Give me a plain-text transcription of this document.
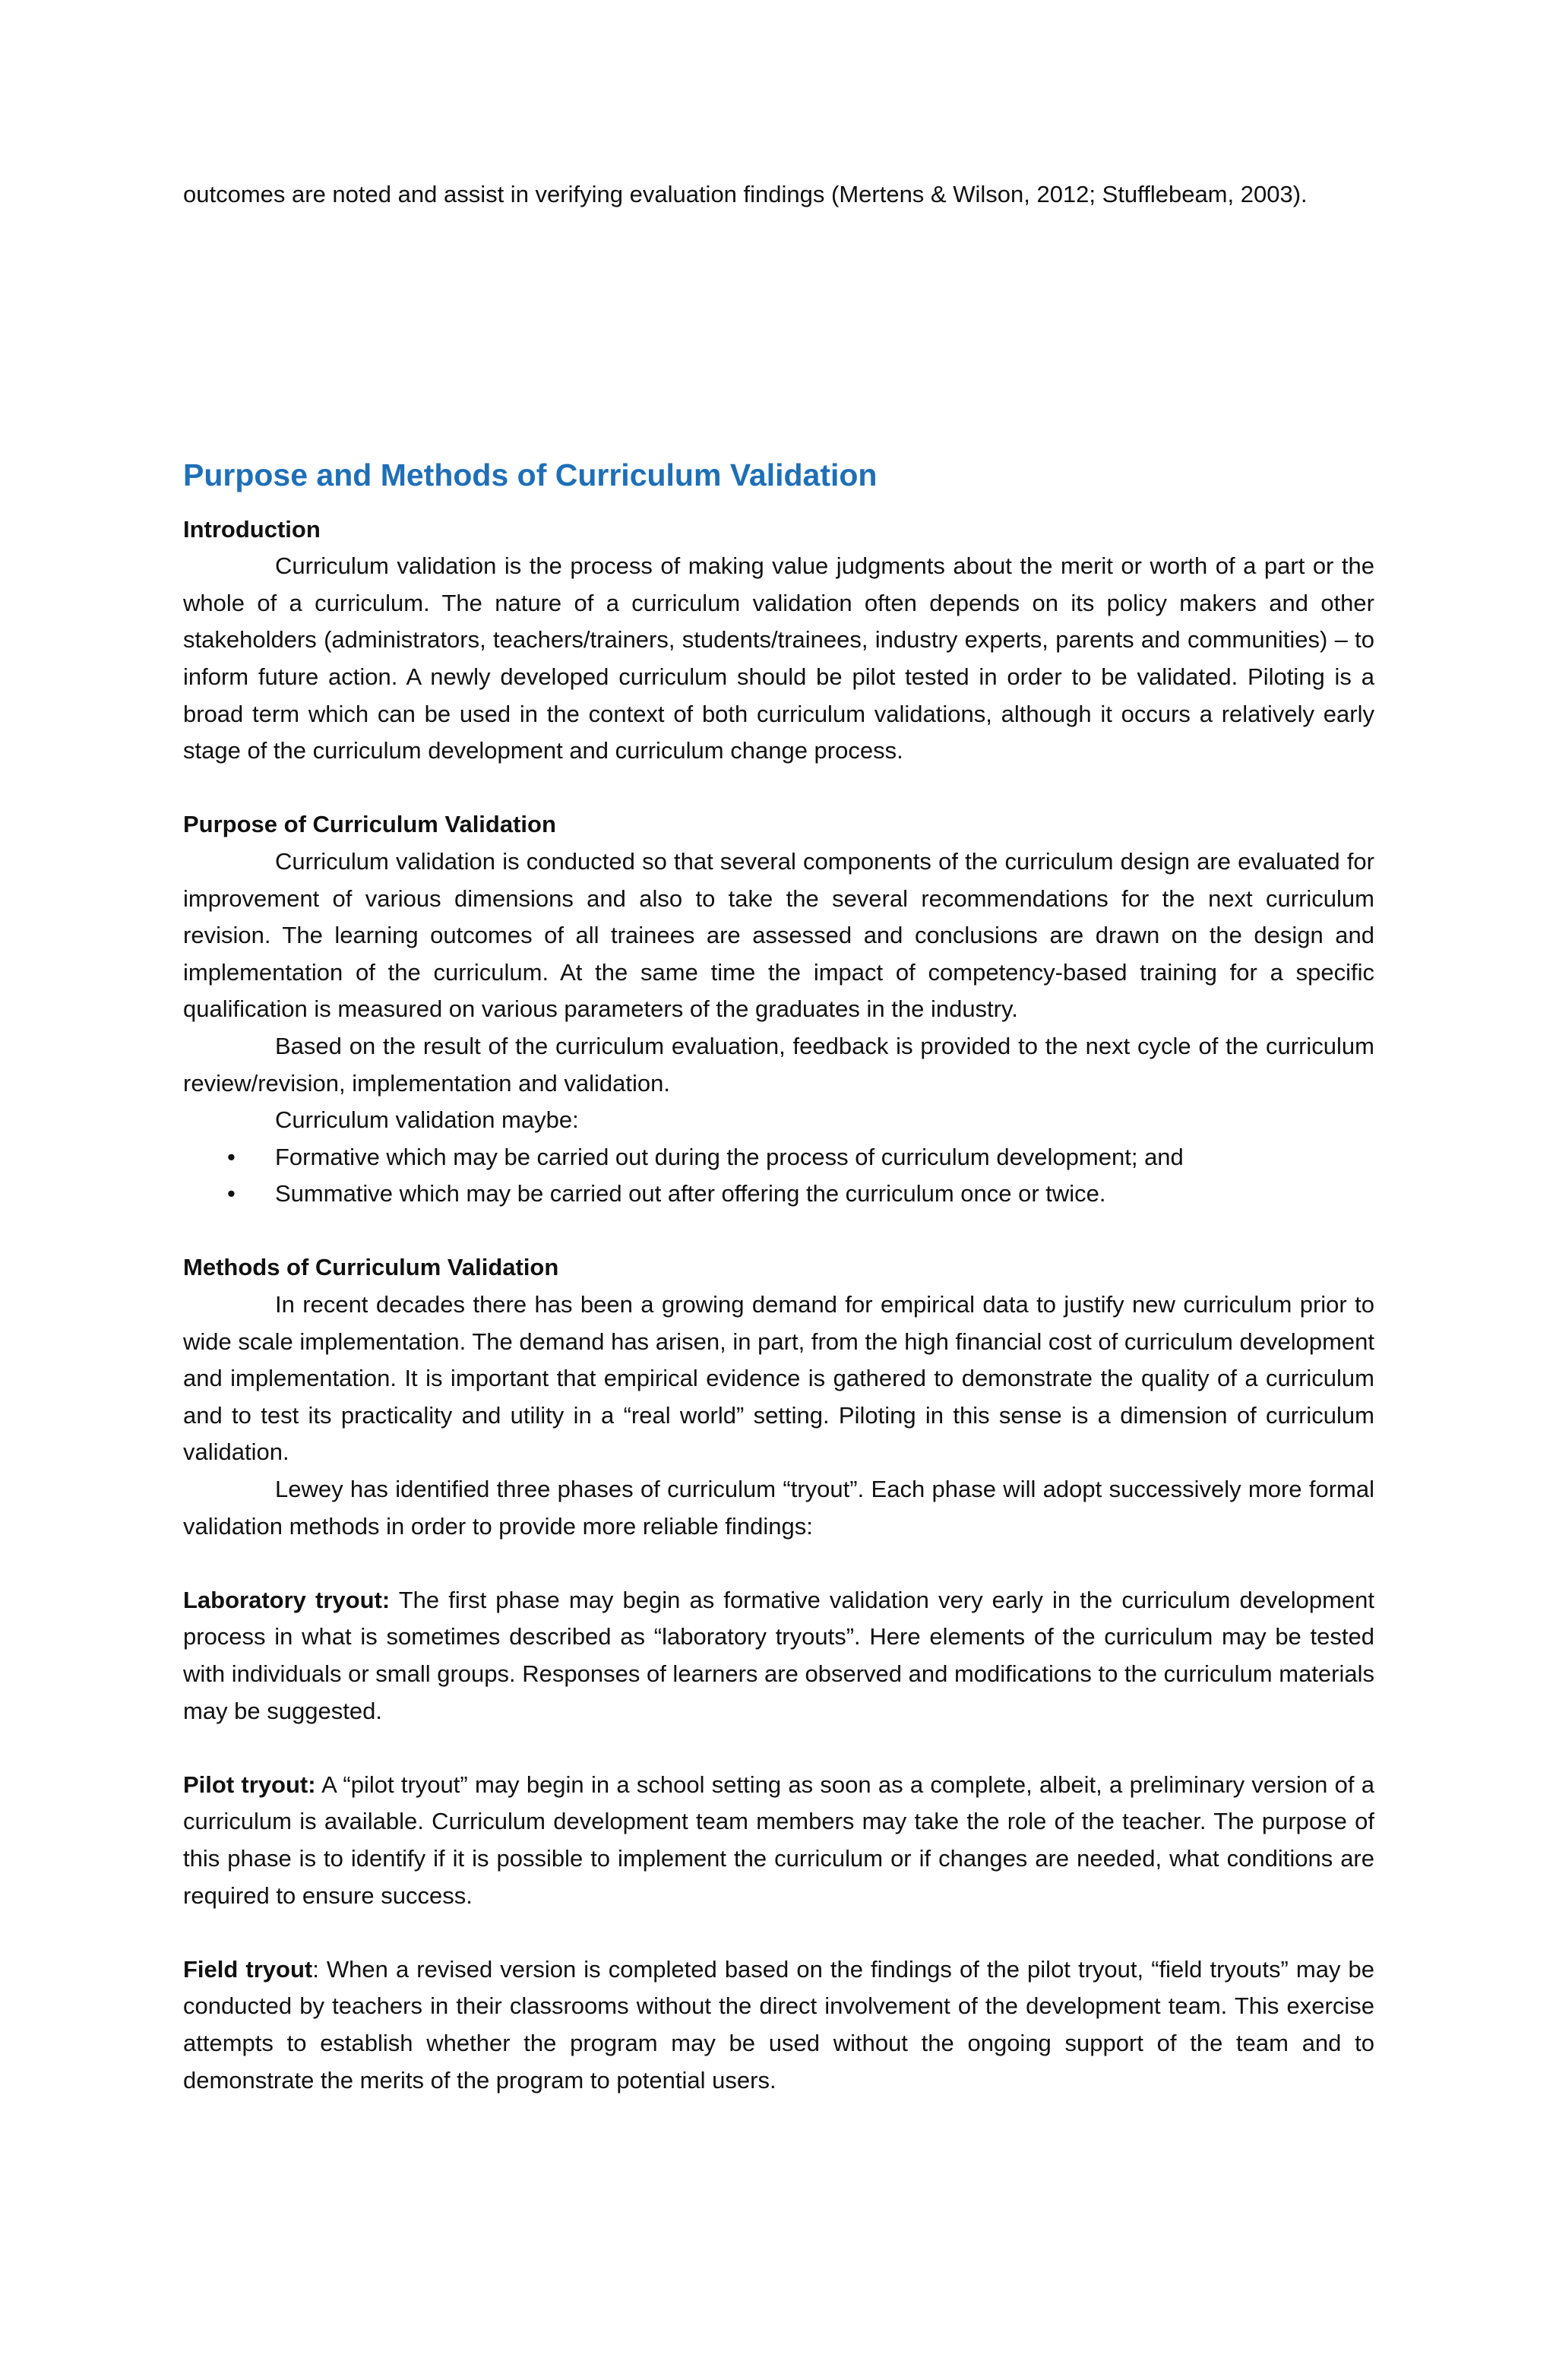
outcomes are noted and assist in verifying evaluation findings (Mertens & Wilson, 2012; Stufflebeam, 2003).

Purpose and Methods of Curriculum Validation
Introduction

Curriculum validation is the process of making value judgments about the merit or worth of a part or the whole of a curriculum. The nature of a curriculum validation often depends on its policy makers and other stakeholders (administrators, teachers/trainers, students/trainees, industry experts, parents and communities) – to inform future action. A newly developed curriculum should be pilot tested in order to be validated. Piloting is a broad term which can be used in the context of both curriculum validations, although it occurs a relatively early stage of the curriculum development and curriculum change process.

Purpose of Curriculum Validation

Curriculum validation is conducted so that several components of the curriculum design are evaluated for improvement of various dimensions and also to take the several recommendations for the next curriculum revision. The learning outcomes of all trainees are assessed and conclusions are drawn on the design and implementation of the curriculum. At the same time the impact of competency-based training for a specific qualification is measured on various parameters of the graduates in the industry.

Based on the result of the curriculum evaluation, feedback is provided to the next cycle of the curriculum review/revision, implementation and validation.

Curriculum validation maybe:

• Formative which may be carried out during the process of curriculum development; and
• Summative which may be carried out after offering the curriculum once or twice.
Methods of Curriculum Validation

In recent decades there has been a growing demand for empirical data to justify new curriculum prior to wide scale implementation. The demand has arisen, in part, from the high financial cost of curriculum development and implementation. It is important that empirical evidence is gathered to demonstrate the quality of a curriculum and to test its practicality and utility in a “real world” setting. Piloting in this sense is a dimension of curriculum validation.

Lewey has identified three phases of curriculum “tryout”. Each phase will adopt successively more formal validation methods in order to provide more reliable findings:

Laboratory tryout: The first phase may begin as formative validation very early in the curriculum development process in what is sometimes described as “laboratory tryouts”. Here elements of the curriculum may be tested with individuals or small groups. Responses of learners are observed and modifications to the curriculum materials may be suggested.

Pilot tryout: A “pilot tryout” may begin in a school setting as soon as a complete, albeit, a preliminary version of a curriculum is available. Curriculum development team members may take the role of the teacher. The purpose of this phase is to identify if it is possible to implement the curriculum or if changes are needed, what conditions are required to ensure success.

Field tryout: When a revised version is completed based on the findings of the pilot tryout, “field tryouts” may be conducted by teachers in their classrooms without the direct involvement of the development team. This exercise attempts to establish whether the program may be used without the ongoing support of the team and to demonstrate the merits of the program to potential users.
